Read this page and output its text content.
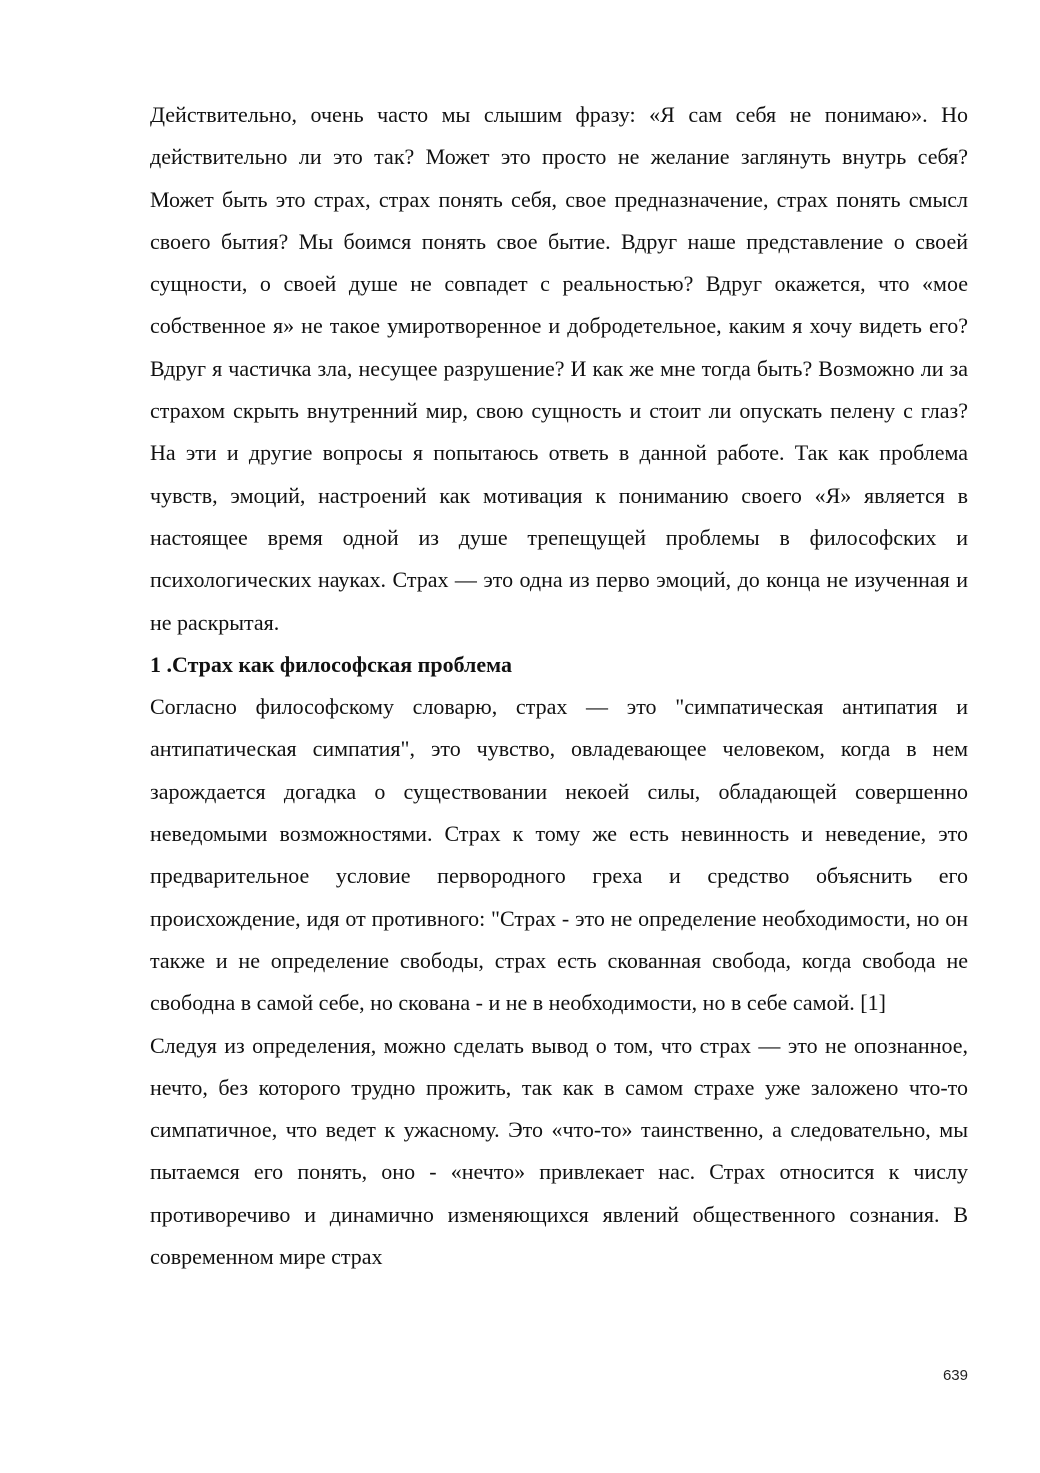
Действительно, очень часто мы слышим фразу: «Я сам себя не понимаю». Но действительно ли это так? Может это просто не желание заглянуть внутрь себя? Может быть это страх, страх понять себя, свое предназначение, страх понять смысл своего бытия? Мы боимся понять свое бытие. Вдруг наше представление о своей сущности, о своей душе не совпадет с реальностью? Вдруг окажется, что «мое собственное я» не такое умиротворенное и добродетельное, каким я хочу видеть его? Вдруг я частичка зла, несущее разрушение? И как же мне тогда быть? Возможно ли за страхом скрыть внутренний мир, свою сущность и стоит ли опускать пелену с глаз? На эти и другие вопросы я попытаюсь ответь в данной работе. Так как проблема чувств, эмоций, настроений как мотивация к пониманию своего «Я» является в настоящее время одной из душе трепещущей проблемы в философских и психологических науках. Страх — это одна из перво эмоций, до конца не изученная и не раскрытая.

1 .Страх как философская проблема

Согласно философскому словарю, страх — это "симпатическая антипатия и антипатическая симпатия", это чувство, овладевающее человеком, когда в нем зарождается догадка о существовании некоей силы, обладающей совершенно неведомыми возможностями. Страх к тому же есть невинность и неведение, это предварительное условие первородного греха и средство объяснить его происхождение, идя от противного: "Страх - это не определение необходимости, но он также и не определение свободы, страх есть скованная свобода, когда свобода не свободна в самой себе, но скована - и не в необходимости, но в себе самой. [1]

Следуя из определения, можно сделать вывод о том, что страх — это не опознанное, нечто, без которого трудно прожить, так как в самом страхе уже заложено что-то симпатичное, что ведет к ужасному. Это «что-то» таинственно, а следовательно, мы пытаемся его понять, оно - «нечто» привлекает нас. Страх относится к числу противоречиво и динамично изменяющихся явлений общественного сознания. В современном мире страх

639
